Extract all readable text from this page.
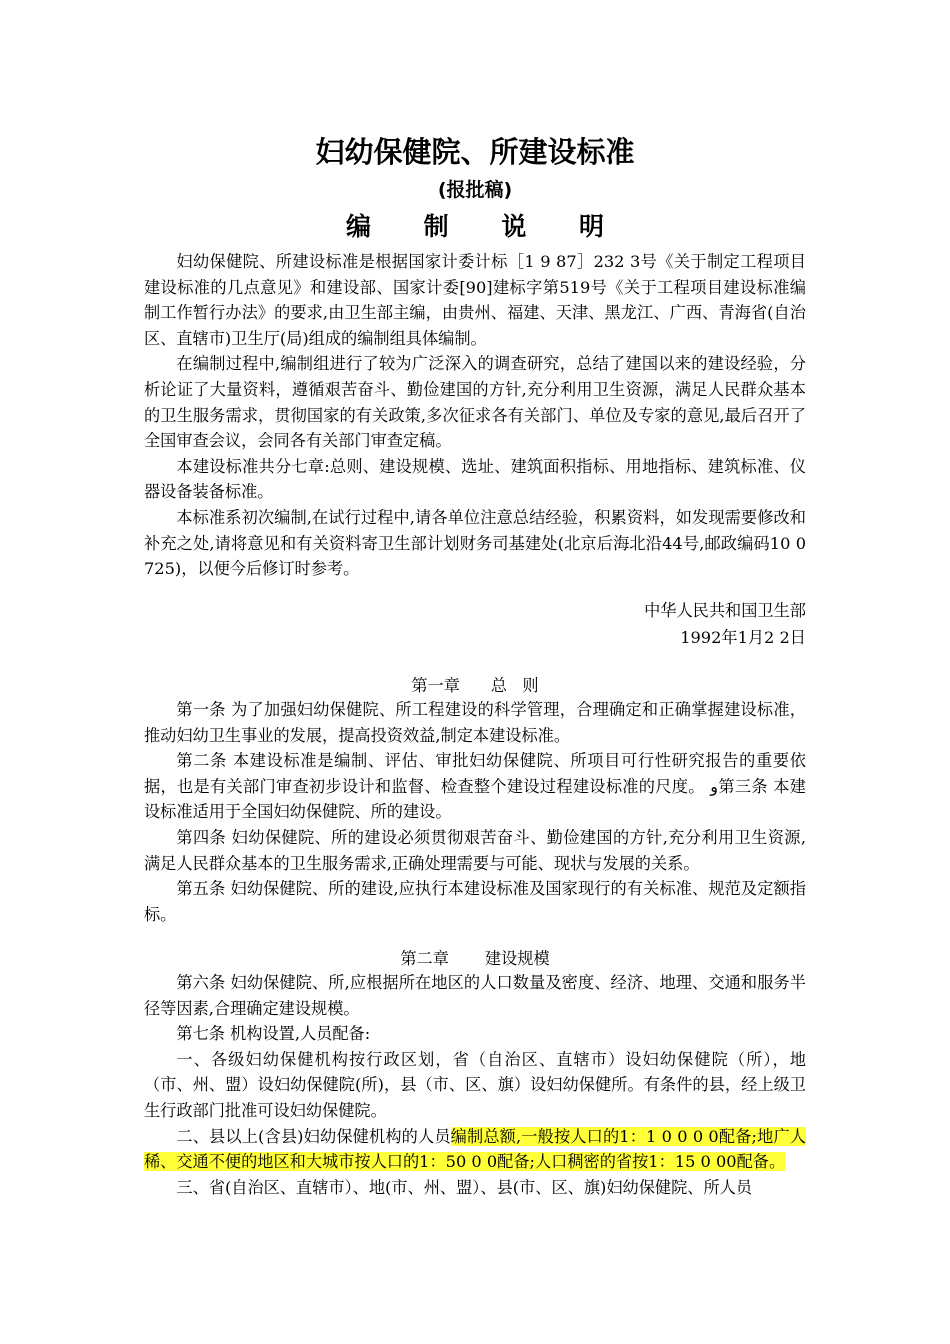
妇幼保健院、所建设标准
(报批稿)
编 制 说 明

妇幼保健院、所建设标准是根据国家计委计标［1 9 87］232 3号《关于制定工程项目建设标准的几点意见》和建设部、国家计委[90]建标字第519号《关于工程项目建设标准编制工作暂行办法》的要求,由卫生部主编，由贵州、福建、天津、黑龙江、广西、青海省(自治区、直辖市)卫生厅(局)组成的编制组具体编制。

在编制过程中,编制组进行了较为广泛深入的调查研究，总结了建国以来的建设经验，分析论证了大量资料，遵循艰苦奋斗、勤俭建国的方针,充分利用卫生资源，满足人民群众基本的卫生服务需求，贯彻国家的有关政策,多次征求各有关部门、单位及专家的意见,最后召开了全国审查会议，会同各有关部门审查定稿。

本建设标准共分七章:总则、建设规模、选址、建筑面积指标、用地指标、建筑标准、仪器设备装备标准。

本标准系初次编制,在试行过程中,请各单位注意总结经验，积累资料，如发现需要修改和补充之处,请将意见和有关资料寄卫生部计划财务司基建处(北京后海北沿44号,邮政编码10 0 725)，以便今后修订时参考。

中华人民共和国卫生部
1992年1月2 2日
第一章      总   则

第一条 为了加强妇幼保健院、所工程建设的科学管理，合理确定和正确掌握建设标准，推动妇幼卫生事业的发展，提高投资效益,制定本建设标准。

第二条 本建设标准是编制、评估、审批妇幼保健院、所项目可行性研究报告的重要依据，也是有关部门审查初步设计和监督、检查整个建设过程建设标准的尺度。 و第三条 本建设标准适用于全国妇幼保健院、所的建设。

第四条 妇幼保健院、所的建设必须贯彻艰苦奋斗、勤俭建国的方针,充分利用卫生资源,满足人民群众基本的卫生服务需求,正确处理需要与可能、现状与发展的关系。

第五条 妇幼保健院、所的建设,应执行本建设标准及国家现行的有关标准、规范及定额指标。

第二章       建设规模

第六条 妇幼保健院、所,应根据所在地区的人口数量及密度、经济、地理、交通和服务半径等因素,合理确定建设规模。

第七条 机构设置,人员配备:

一、各级妇幼保健机构按行政区划，省（自治区、直辖市）设妇幼保健院（所），地（市、州、盟）设妇幼保健院(所)，县（市、区、旗）设妇幼保健所。有条件的县，经上级卫生行政部门批准可设妇幼保健院。

二、县以上(含县)妇幼保健机构的人员编制总额,一般按人口的1：1 0 0 0 0配备;地广人稀、交通不便的地区和大城市按人口的1：50 0 0配备;人口稠密的省按1：15 0 00配备。

三、省(自治区、直辖市）、地(市、州、盟）、县(市、区、旗)妇幼保健院、所人员
